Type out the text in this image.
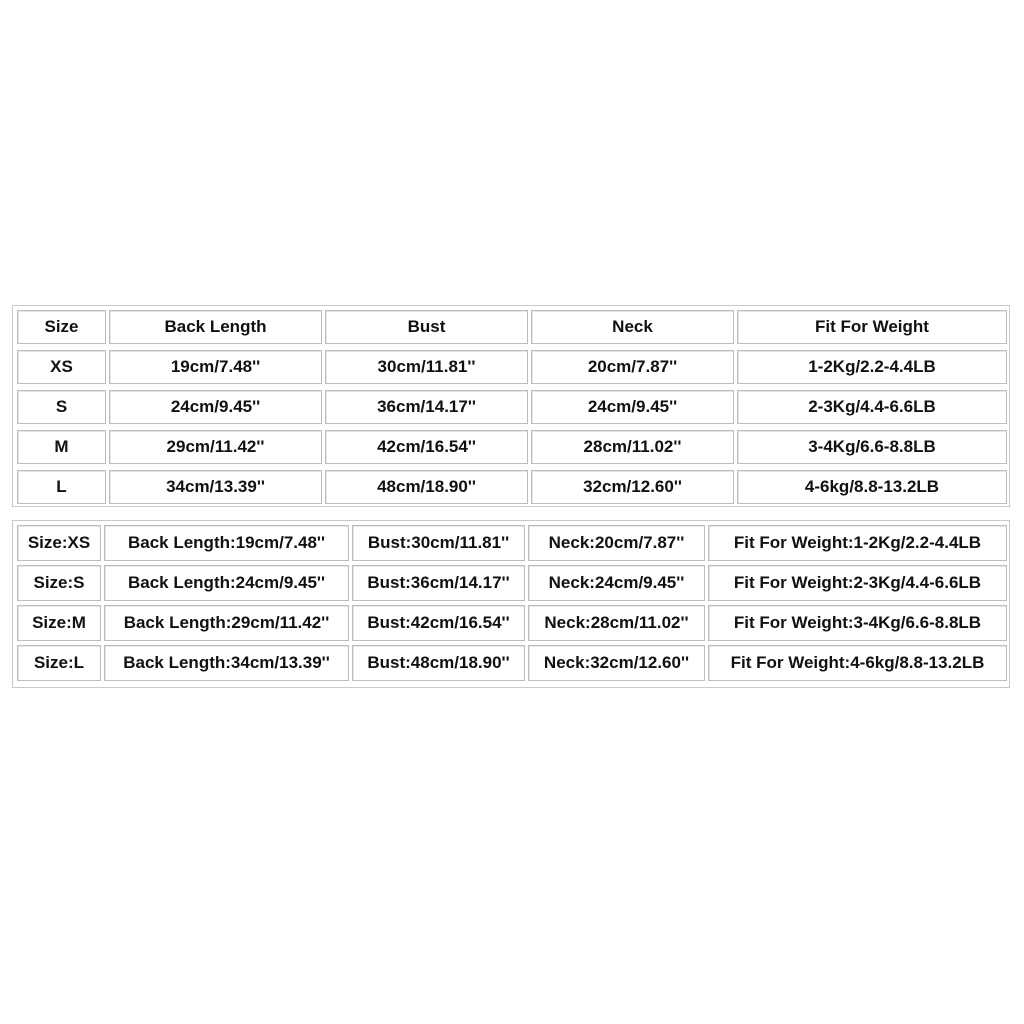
Size	Back Length	Bust	Neck	Fit For Weight
XS	19cm/7.48''	30cm/11.81''	20cm/7.87''	1-2Kg/2.2-4.4LB
S	24cm/9.45''	36cm/14.17''	24cm/9.45''	2-3Kg/4.4-6.6LB
M	29cm/11.42''	42cm/16.54''	28cm/11.02''	3-4Kg/6.6-8.8LB
L	34cm/13.39''	48cm/18.90''	32cm/12.60''	4-6kg/8.8-13.2LB
Size:XS	Back Length:19cm/7.48''	Bust:30cm/11.81''	Neck:20cm/7.87''	Fit For Weight:1-2Kg/2.2-4.4LB
Size:S	Back Length:24cm/9.45''	Bust:36cm/14.17''	Neck:24cm/9.45''	Fit For Weight:2-3Kg/4.4-6.6LB
Size:M	Back Length:29cm/11.42''	Bust:42cm/16.54''	Neck:28cm/11.02''	Fit For Weight:3-4Kg/6.6-8.8LB
Size:L	Back Length:34cm/13.39''	Bust:48cm/18.90''	Neck:32cm/12.60''	Fit For Weight:4-6kg/8.8-13.2LB
